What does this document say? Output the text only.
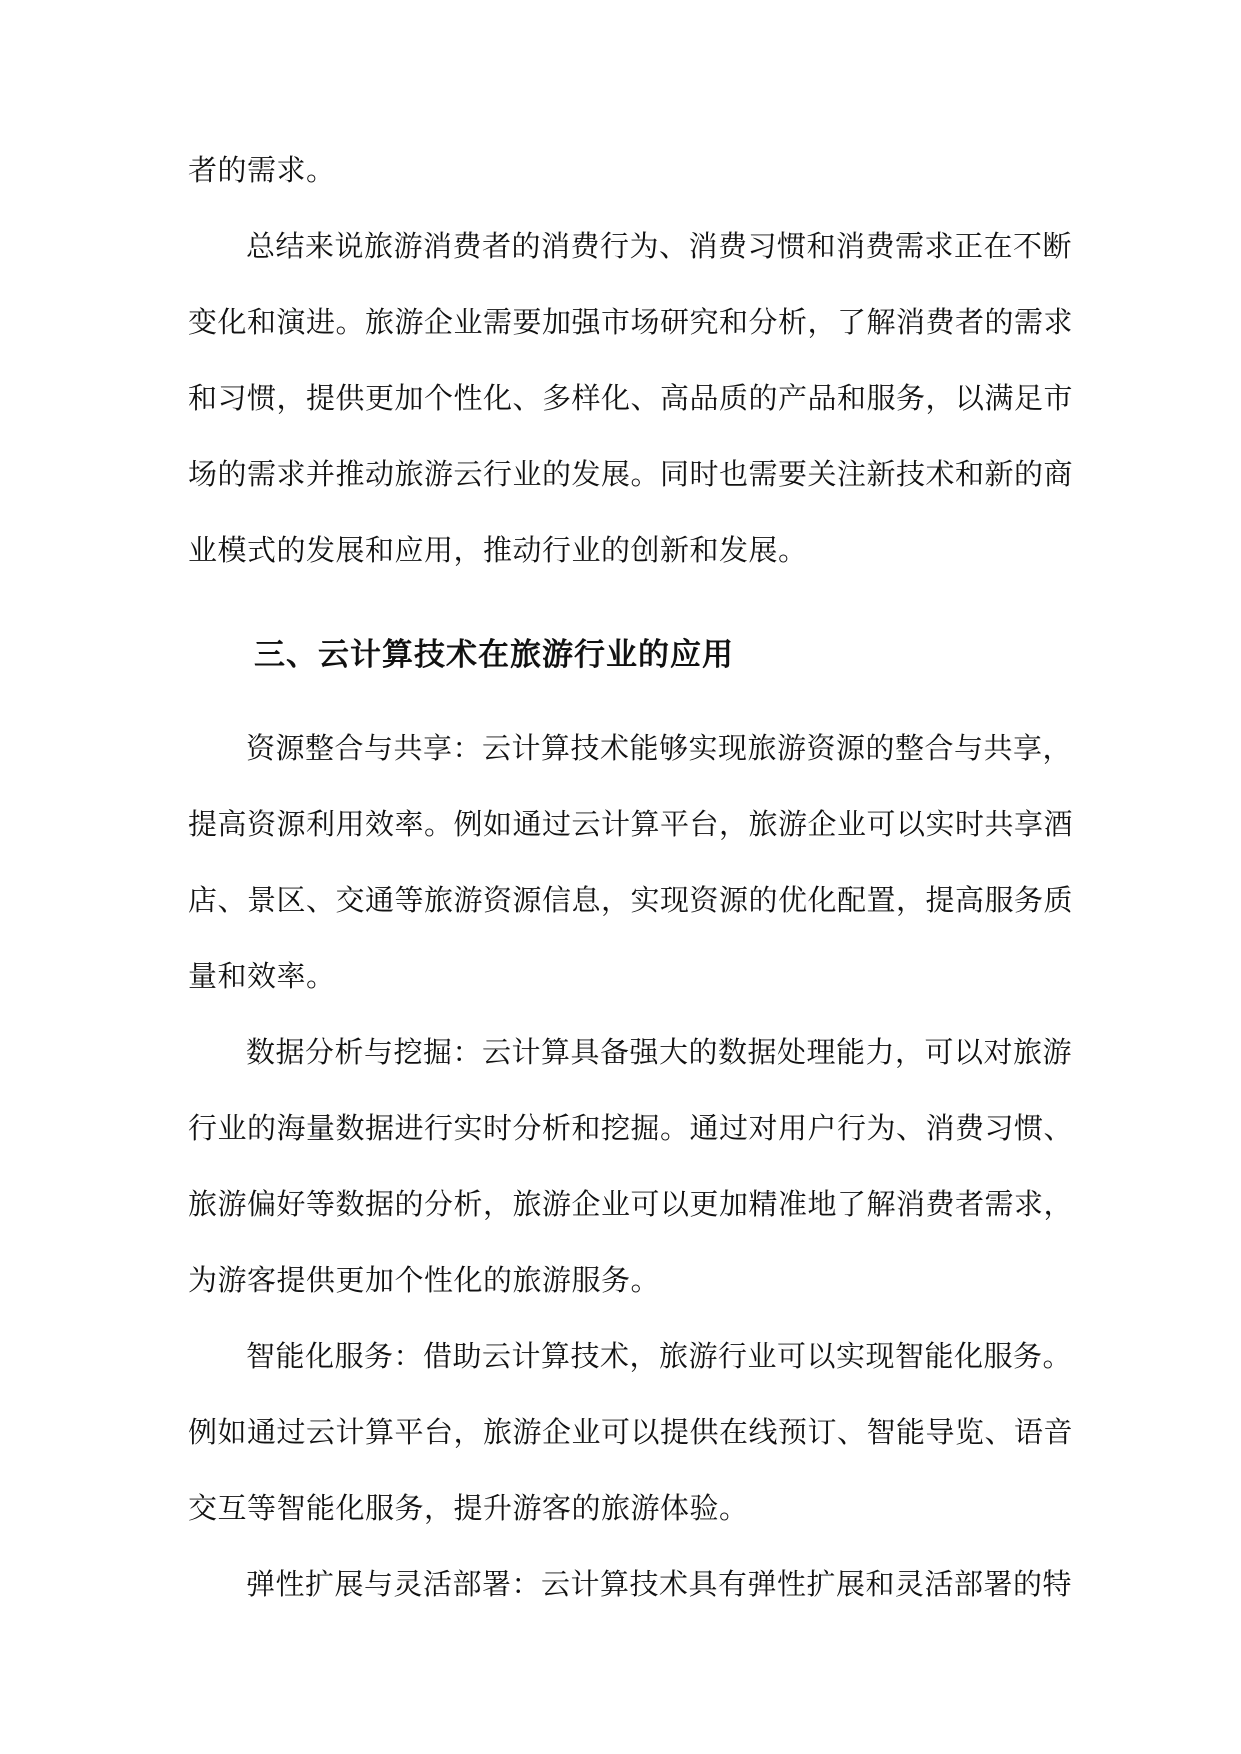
者的需求。
总结来说旅游消费者的消费行为、消费习惯和消费需求正在不断
变化和演进。旅游企业需要加强市场研究和分析，了解消费者的需求
和习惯，提供更加个性化、多样化、高品质的产品和服务，以满足市
场的需求并推动旅游云行业的发展。同时也需要关注新技术和新的商
业模式的发展和应用，推动行业的创新和发展。
三、云计算技术在旅游行业的应用
资源整合与共享：云计算技术能够实现旅游资源的整合与共享，
提高资源利用效率。例如通过云计算平台，旅游企业可以实时共享酒
店、景区、交通等旅游资源信息，实现资源的优化配置，提高服务质
量和效率。
数据分析与挖掘：云计算具备强大的数据处理能力，可以对旅游
行业的海量数据进行实时分析和挖掘。通过对用户行为、消费习惯、
旅游偏好等数据的分析，旅游企业可以更加精准地了解消费者需求，
为游客提供更加个性化的旅游服务。
智能化服务：借助云计算技术，旅游行业可以实现智能化服务。
例如通过云计算平台，旅游企业可以提供在线预订、智能导览、语音
交互等智能化服务，提升游客的旅游体验。
弹性扩展与灵活部署：云计算技术具有弹性扩展和灵活部署的特
